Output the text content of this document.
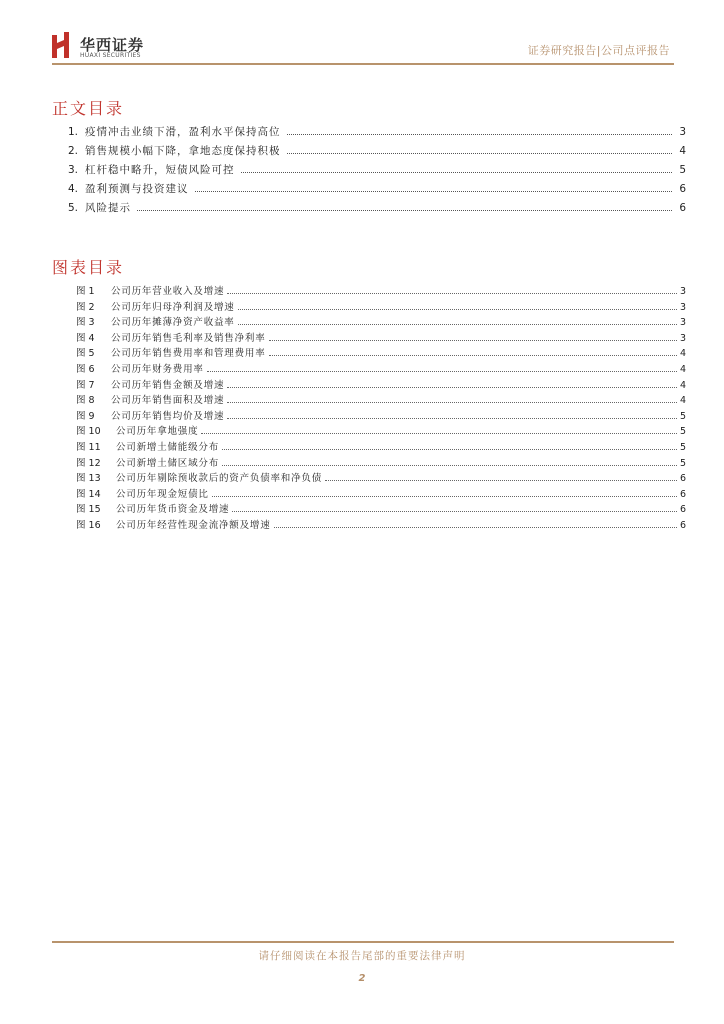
华西证券
HUAXI SECURITIES	证券研究报告|公司点评报告
正文目录
1. 疫情冲击业绩下滑，盈利水平保持高位	3
2. 销售规模小幅下降，拿地态度保持积极	4
3. 杠杆稳中略升，短债风险可控	5
4. 盈利预测与投资建议	6
5. 风险提示	6
图表目录
图 1	公司历年营业收入及增速	3
图 2	公司历年归母净利润及增速	3
图 3	公司历年摊薄净资产收益率	3
图 4	公司历年销售毛利率及销售净利率	3
图 5	公司历年销售费用率和管理费用率	4
图 6	公司历年财务费用率	4
图 7	公司历年销售金额及增速	4
图 8	公司历年销售面积及增速	4
图 9	公司历年销售均价及增速	5
图 10	公司历年拿地强度	5
图 11	公司新增土储能级分布	5
图 12	公司新增土储区域分布	5
图 13	公司历年剔除预收款后的资产负债率和净负债	6
图 14	公司历年现金短债比	6
图 15	公司历年货币资金及增速	6
图 16	公司历年经营性现金流净额及增速	6
请仔细阅读在本报告尾部的重要法律声明
2
